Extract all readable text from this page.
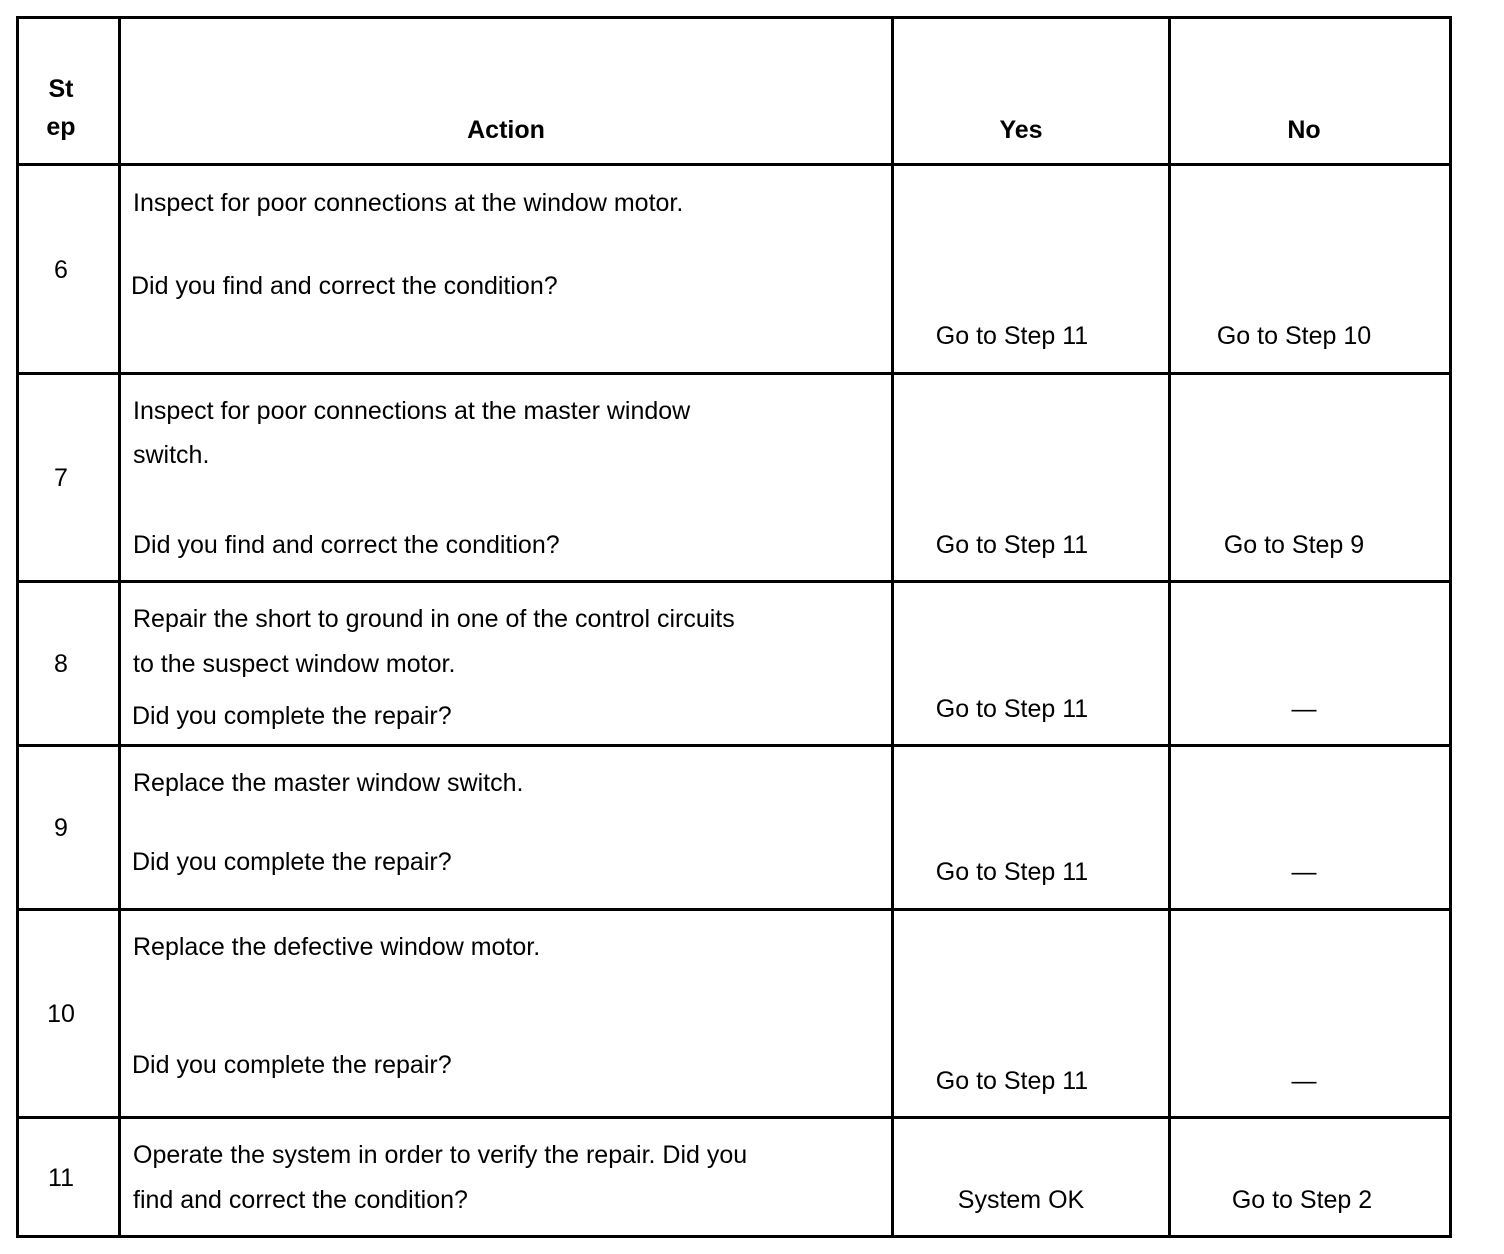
St
ep	Action	Yes	No
6
Inspect for poor connections at the window motor.
Did you find and correct the condition?
Go to Step 11	Go to Step 10
7
Inspect for poor connections at the master window
switch.
Did you find and correct the condition?	Go to Step 11	Go to Step 9
8
Repair the short to ground in one of the control circuits
to the suspect window motor.
Did you complete the repair?	Go to Step 11	—
9
Replace the master window switch.
Did you complete the repair?	Go to Step 11	—
10
Replace the defective window motor.
Did you complete the repair?
Go to Step 11	—
11
Operate the system in order to verify the repair. Did you
find and correct the condition?	System OK	Go to Step 2
